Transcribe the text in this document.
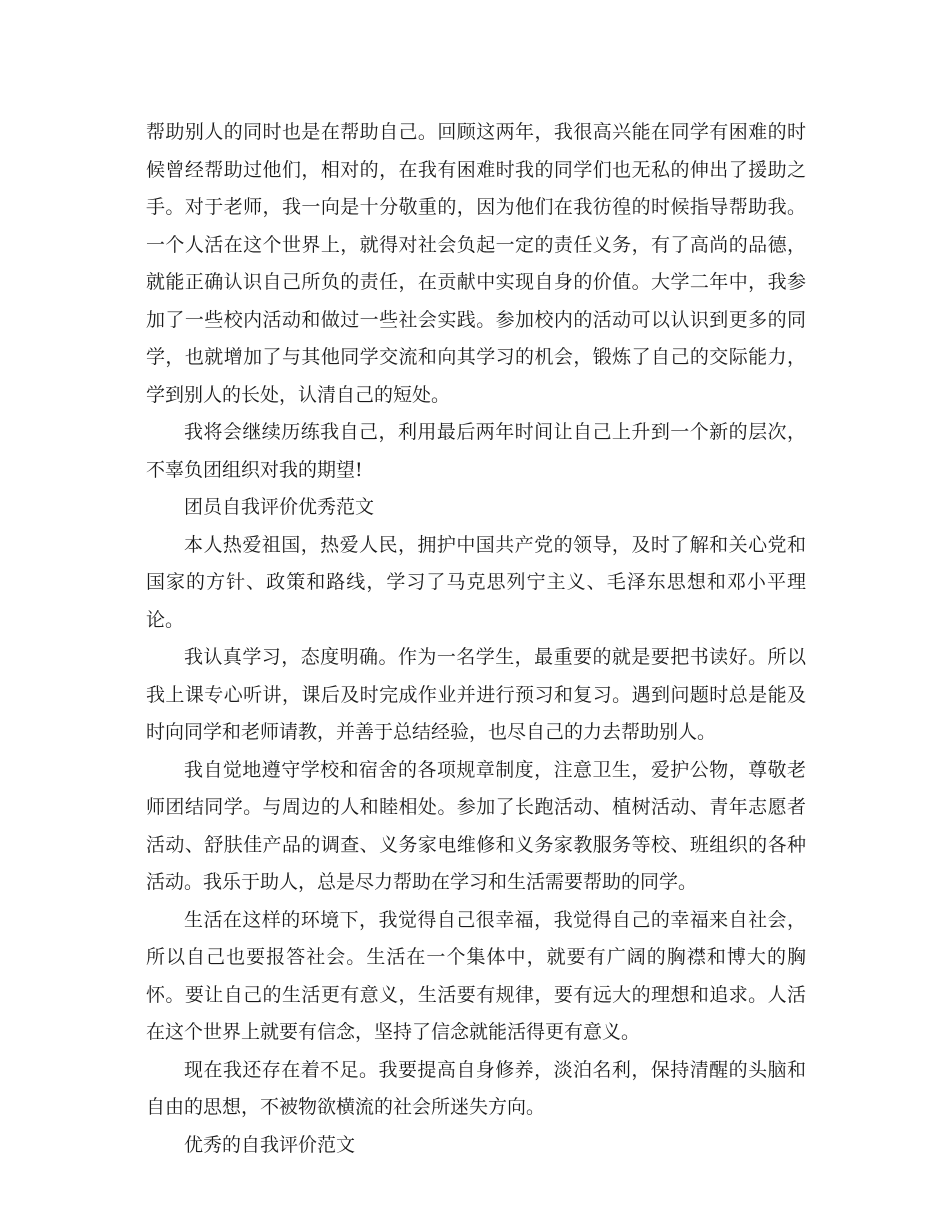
帮助别人的同时也是在帮助自己。回顾这两年，我很高兴能在同学有困难的时候曾经帮助过他们，相对的，在我有困难时我的同学们也无私的伸出了援助之手。对于老师，我一向是十分敬重的，因为他们在我彷徨的时候指导帮助我。一个人活在这个世界上，就得对社会负起一定的责任义务，有了高尚的品德，就能正确认识自己所负的责任，在贡献中实现自身的价值。大学二年中，我参加了一些校内活动和做过一些社会实践。参加校内的活动可以认识到更多的同学，也就增加了与其他同学交流和向其学习的机会，锻炼了自己的交际能力，学到别人的长处，认清自己的短处。

我将会继续历练我自己，利用最后两年时间让自己上升到一个新的层次，不辜负团组织对我的期望!

团员自我评价优秀范文

本人热爱祖国，热爱人民，拥护中国共产党的领导，及时了解和关心党和国家的方针、政策和路线，学习了马克思列宁主义、毛泽东思想和邓小平理论。

我认真学习，态度明确。作为一名学生，最重要的就是要把书读好。所以我上课专心听讲，课后及时完成作业并进行预习和复习。遇到问题时总是能及时向同学和老师请教，并善于总结经验，也尽自己的力去帮助别人。

我自觉地遵守学校和宿舍的各项规章制度，注意卫生，爱护公物，尊敬老师团结同学。与周边的人和睦相处。参加了长跑活动、植树活动、青年志愿者活动、舒肤佳产品的调查、义务家电维修和义务家教服务等校、班组织的各种活动。我乐于助人，总是尽力帮助在学习和生活需要帮助的同学。

生活在这样的环境下，我觉得自己很幸福，我觉得自己的幸福来自社会，所以自己也要报答社会。生活在一个集体中，就要有广阔的胸襟和博大的胸怀。要让自己的生活更有意义，生活要有规律，要有远大的理想和追求。人活在这个世界上就要有信念，坚持了信念就能活得更有意义。

现在我还存在着不足。我要提高自身修养，淡泊名利，保持清醒的头脑和自由的思想，不被物欲横流的社会所迷失方向。

优秀的自我评价范文
